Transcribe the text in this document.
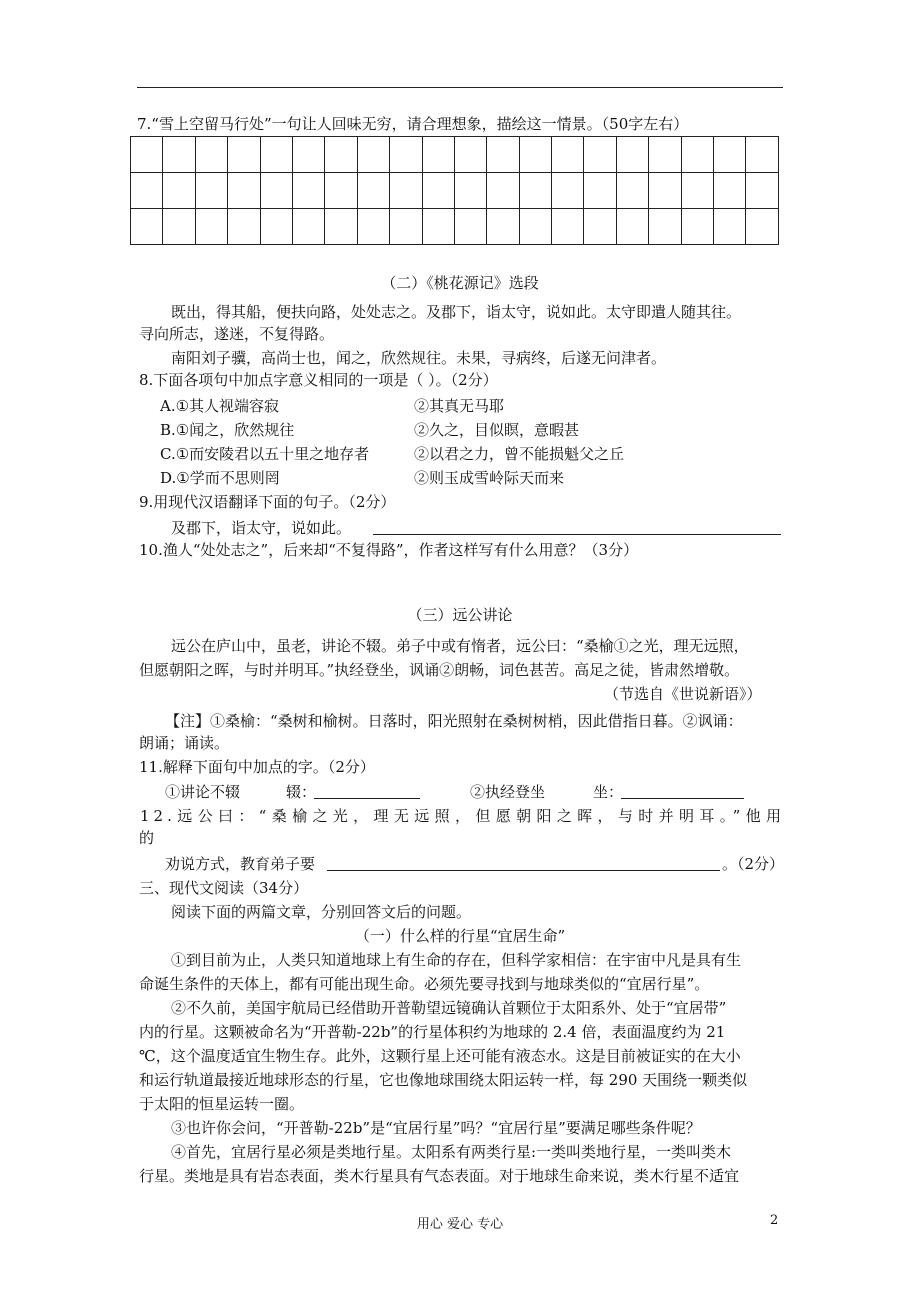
7.“雪上空留马行处”一句让人回味无穷，请合理想象，描绘这一情景。（50字左右）

（二）《桃花源记》选段
既出，得其船，便扶向路，处处志之。及郡下，诣太守，说如此。太守即遣人随其往。
寻向所志，遂迷，不复得路。
南阳刘子骥，高尚士也，闻之，欣然规往。未果，寻病终，后遂无问津者。
8.下面各项句中加点字意义相同的一项是（ ）。（2分）
A.①其人视端容寂	②其真无马耶
B.①闻之，欣然规往	②久之，目似瞑，意暇甚
C.①而安陵君以五十里之地存者	②以君之力，曾不能损魁父之丘
D.①学而不思则罔	②则玉成雪岭际天而来
9.用现代汉语翻译下面的句子。（2分）
及郡下，诣太守，说如此。
10.渔人“处处志之”，后来却“不复得路”，作者这样写有什么用意？（3分）
（三）远公讲论
远公在庐山中，虽老，讲论不辍。弟子中或有惰者，远公曰：“桑榆①之光，理无远照，
但愿朝阳之晖，与时并明耳。”执经登坐，讽诵②朗畅，词色甚苦。高足之徒，皆肃然增敬。
（节选自《世说新语》）
【注】①桑榆：“桑树和榆树。日落时，阳光照射在桑树树梢，因此借指日暮。②讽诵：
朗诵；诵读。
11.解释下面句中加点的字。（2分）
①讲论不辍	辍：	②执经登坐	坐：
12.远公曰：“桑榆之光，理无远照，但愿朝阳之晖，与时并明耳。”他用
的
劝说方式，教育弟子要	。（2分）
三、现代文阅读（34分）
阅读下面的两篇文章，分别回答文后的问题。
（一）什么样的行星“宜居生命”
①到目前为止，人类只知道地球上有生命的存在，但科学家相信：在宇宙中凡是具有生
命诞生条件的天体上，都有可能出现生命。必须先要寻找到与地球类似的“宜居行星”。
②不久前，美国宇航局已经借助开普勒望远镜确认首颗位于太阳系外、处于“宜居带”
内的行星。这颗被命名为“开普勒-22b”的行星体积约为地球的 2.4 倍，表面温度约为 21
℃，这个温度适宜生物生存。此外，这颗行星上还可能有液态水。这是目前被证实的在大小
和运行轨道最接近地球形态的行星，它也像地球围绕太阳运转一样，每 290 天围绕一颗类似
于太阳的恒星运转一圈。
③也许你会问，“开普勒-22b”是“宜居行星”吗？“宜居行星”要满足哪些条件呢？
④首先，宜居行星必须是类地行星。太阳系有两类行星:一类叫类地行星，一类叫类木
行星。类地是具有岩态表面，类木行星具有气态表面。对于地球生命来说，类木行星不适宜
用心 爱心 专心	2
